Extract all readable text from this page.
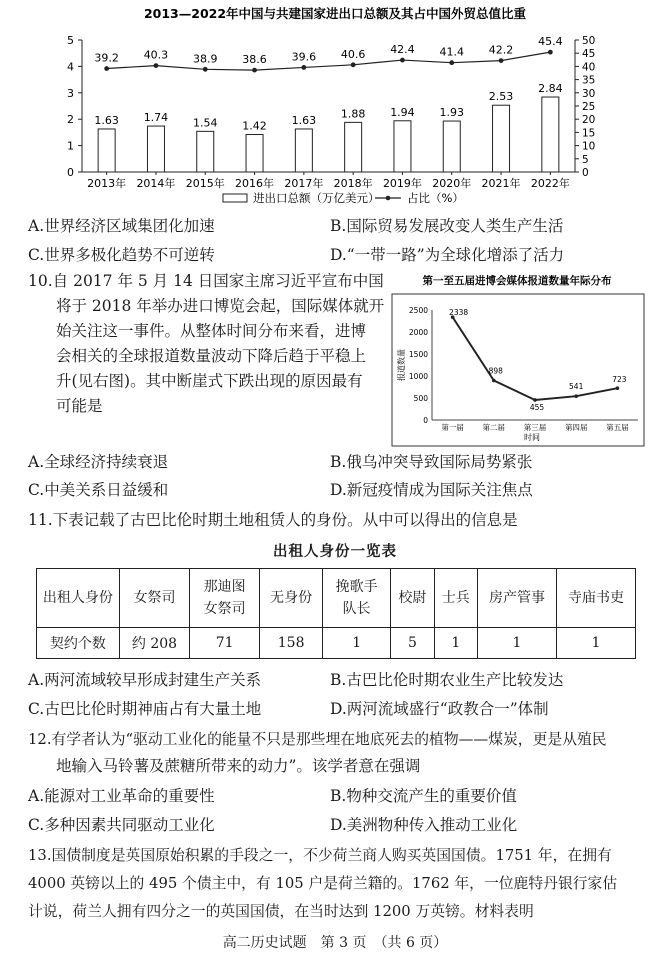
2013—2022年中国与共建国家进出口总额及其占中国外贸总值比重
5
4
3
2
1
0
50
45
40
35
30
25
20
15
10
5
0
1.63 1.74 1.54 1.42 1.63
1.88 1.94 1.93
2.53
2.84
39.2 40.3 38.9 38.6 39.6 40.6 42.4 41.4 42.2
45.4
2013年 2014年 2015年 2016年 2017年 2018年 2019年 2020年 2021年 2022年
进出口总额（万亿美元） 占比（%）
A.世界经济区域集团化加速	B.国际贸易发展改变人类生产生活
C.世界多极化趋势不可逆转	D.“一带一路”为全球化增添了活力
10.自 2017 年 5 月 14 日国家主席习近平宣布中国
将于 2018 年举办进口博览会起，国际媒体就开
始关注这一事件。从整体时间分布来看，进博
会相关的全球报道数量波动下降后趋于平稳上
升(见右图)。其中断崖式下跌出现的原因最有
可能是
第一至五届进博会媒体报道数量年际分布
报道数量
时间
2500
2000
1500
1000
500
0
第一届 第二届 第三届 第四届 第五届
2338
898
455
541
723
A.全球经济持续衰退	B.俄乌冲突导致国际局势紧张
C.中美关系日益缓和	D.新冠疫情成为国际关注焦点
11.下表记载了古巴比伦时期土地租赁人的身份。从中可以得出的信息是
出租人身份一览表
出租人身份	女祭司	那迪图女祭司	无身份	挽歌手队长	校尉	士兵	房产管事	寺庙书吏
契约个数	约 208	71	158	1	5	1	1	1
A.两河流域较早形成封建生产关系	B.古巴比伦时期农业生产比较发达
C.古巴比伦时期神庙占有大量土地	D.两河流域盛行“政教合一”体制
12.有学者认为“驱动工业化的能量不只是那些埋在地底死去的植物——煤炭，更是从殖民
地输入马铃薯及蔗糖所带来的动力”。该学者意在强调
A.能源对工业革命的重要性	B.物种交流产生的重要价值
C.多种因素共同驱动工业化	D.美洲物种传入推动工业化
13.国债制度是英国原始积累的手段之一，不少荷兰商人购买英国国债。1751 年，在拥有
4000 英镑以上的 495 个债主中，有 105 户是荷兰籍的。1762 年，一位鹿特丹银行家估
计说，荷兰人拥有四分之一的英国国债，在当时达到 1200 万英镑。材料表明
高二历史试题　第 3 页　（共 6 页）
